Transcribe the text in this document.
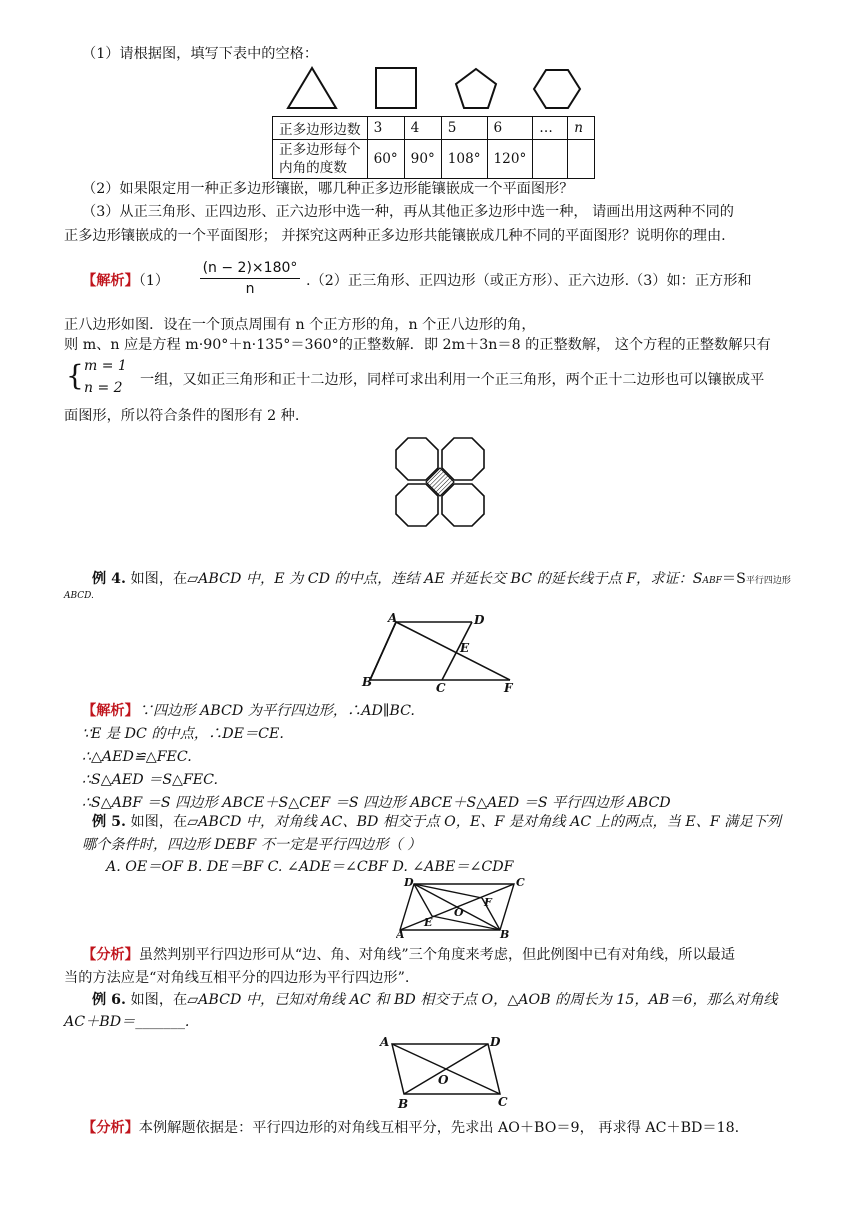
（1）请根据图，填写下表中的空格：
正多边形边数	3	4	5	6	…	n

正多边形每个
内角的度数	60°	90°	108°	120°		
（2）如果限定用一种正多边形镶嵌，哪几种正多边形能镶嵌成一个平面图形？
（3）从正三角形、正四边形、正六边形中选一种，再从其他正多边形中选一种， 请画出用这两种不同的
正多边形镶嵌成的一个平面图形； 并探究这两种正多边形共能镶嵌成几种不同的平面图形？说明你的理由.
【解析】$(1) \frac{(n - 2)\times 180^\circ}{n} .(2)$正三角形、正四边形（或正方形）、正六边形.（3）如：正方形和
正八边形如图．设在一个顶点周围有 n 个正方形的角，n 个正八边形的角，
则 m、n 应是方程 m·90°＋n·135°＝360°的正整数解．即 2m＋3n＝8 的正整数解， 这个方程的正整数解只有
{ m = 1
n = 2 一组，又如正三角形和正十二边形，同样可求出利用一个正三角形，两个正十二边形也可以镶嵌成平
面图形，所以符合条件的图形有 2 种.
例 4. 如图，在▱ABCD 中，E 为 CD 的中点，连结 AE 并延长交 BC 的延长线于点 F，求证：SABF＝S平行四边形
ABCD.
A	D
E
B	C	F
【解析】∵四边形 ABCD 为平行四边形，∴AD∥BC.
∵E 是 DC 的中点，∴DE＝CE.
∴△AED≌△FEC.
∴S△AED ＝S△FEC.
∴S△ABF ＝S 四边形 ABCE＋S△CEF ＝S 四边形 ABCE＋S△AED ＝S 平行四边形 ABCD
例 5. 如图，在▱ABCD 中，对角线 AC、BD 相交于点 O，E、F 是对角线 AC 上的两点，当 E、F 满足下列
哪个条件时，四边形 DEBF 不一定是平行四边形（ ）
A. OE＝OF B. DE＝BF C. ∠ADE＝∠CBF D. ∠ABE＝∠CDF
D	C
E
F
O
A	B
【分析】虽然判别平行四边形可从“边、角、对角线”三个角度来考虑，但此例图中已有对角线，所以最适
当的方法应是“对角线互相平分的四边形为平行四边形”.
例 6. 如图，在▱ABCD 中，已知对角线 AC 和 BD 相交于点 O，△AOB 的周长为 15，AB＝6，那么对角线
AC＋BD＝_______.
A	D
O
B	C
【分析】本例解题依据是：平行四边形的对角线互相平分，先求出 AO＋BO＝9， 再求得 AC＋BD＝18.
